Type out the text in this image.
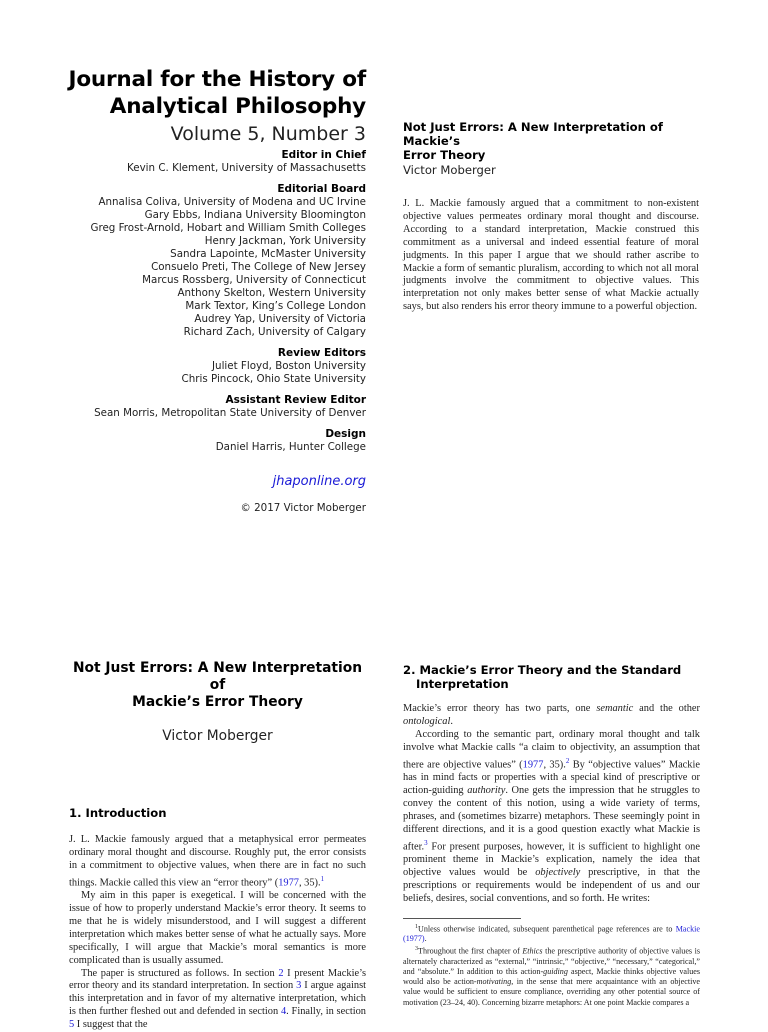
Journal for the History of
Analytical Philosophy
Volume 5, Number 3
Editor in Chief
Kevin C. Klement, University of Massachusetts
Editorial Board
Annalisa Coliva, University of Modena and UC Irvine
Gary Ebbs, Indiana University Bloomington
Greg Frost-Arnold, Hobart and William Smith Colleges
Henry Jackman, York University
Sandra Lapointe, McMaster University
Consuelo Preti, The College of New Jersey
Marcus Rossberg, University of Connecticut
Anthony Skelton, Western University
Mark Textor, King’s College London
Audrey Yap, University of Victoria
Richard Zach, University of Calgary
Review Editors
Juliet Floyd, Boston University
Chris Pincock, Ohio State University
Assistant Review Editor
Sean Morris, Metropolitan State University of Denver
Design
Daniel Harris, Hunter College
jhaponline.org
© 2017 Victor Moberger
Not Just Errors: A New Interpretation of Mackie’s
Error Theory
Victor Moberger

J. L. Mackie famously argued that a commitment to non-existent objective values permeates ordinary moral thought and discourse. According to a standard interpretation, Mackie construed this commitment as a universal and indeed essential feature of moral judgments. In this paper I argue that we should rather ascribe to Mackie a form of semantic pluralism, according to which not all moral judgments involve the commitment to objective values. This interpretation not only makes better sense of what Mackie actually says, but also renders his error theory immune to a powerful objection.

Not Just Errors: A New Interpretation of
Mackie’s Error Theory
Victor Moberger
1. Introduction

J. L. Mackie famously argued that a metaphysical error permeates ordinary moral thought and discourse. Roughly put, the error consists in a commitment to objective values, when there are in fact no such things. Mackie called this view an “error theory” (1977, 35).$^1$

My aim in this paper is exegetical. I will be concerned with the issue of how to properly understand Mackie’s error theory. It seems to me that he is widely misunderstood, and I will suggest a different interpretation which makes better sense of what he actually says. More specifically, I will argue that Mackie’s moral semantics is more complicated than is usually assumed.

The paper is structured as follows. In section 2 I present Mackie’s error theory and its standard interpretation. In section 3 I argue against this interpretation and in favor of my alternative interpretation, which is then further fleshed out and defended in section 4. Finally, in section 5 I suggest that the

2. Mackie’s Error Theory and the Standard
Interpretation

Mackie’s error theory has two parts, one semantic and the other ontological.

According to the semantic part, ordinary moral thought and talk involve what Mackie calls “a claim to objectivity, an assumption that there are objective values” (1977, 35).$^2$ By “objective values” Mackie has in mind facts or properties with a special kind of prescriptive or action-guiding authority. One gets the impression that he struggles to convey the content of this notion, using a wide variety of terms, phrases, and (sometimes bizarre) metaphors. These seemingly point in different directions, and it is a good question exactly what Mackie is after.$^3$ For present purposes, however, it is sufficient to highlight one prominent theme in Mackie’s explication, namely the idea that objective values would be objectively prescriptive, in that the prescriptions or requirements would be independent of us and our beliefs, desires, social conventions, and so forth. He writes:

$^1$Unless otherwise indicated, subsequent parenthetical page references are to Mackie (1977).

$^3$Throughout the first chapter of Ethics the prescriptive authority of objective values is alternately characterized as “external,” “intrinsic,” “objective,” “necessary,” “categorical,” and “absolute.” In addition to this action-guiding aspect, Mackie thinks objective values would also be action-motivating, in the sense that mere acquaintance with an objective value would be sufficient to ensure compliance, overriding any other potential source of motivation (23–24, 40). Concerning bizarre metaphors: At one point Mackie compares a
